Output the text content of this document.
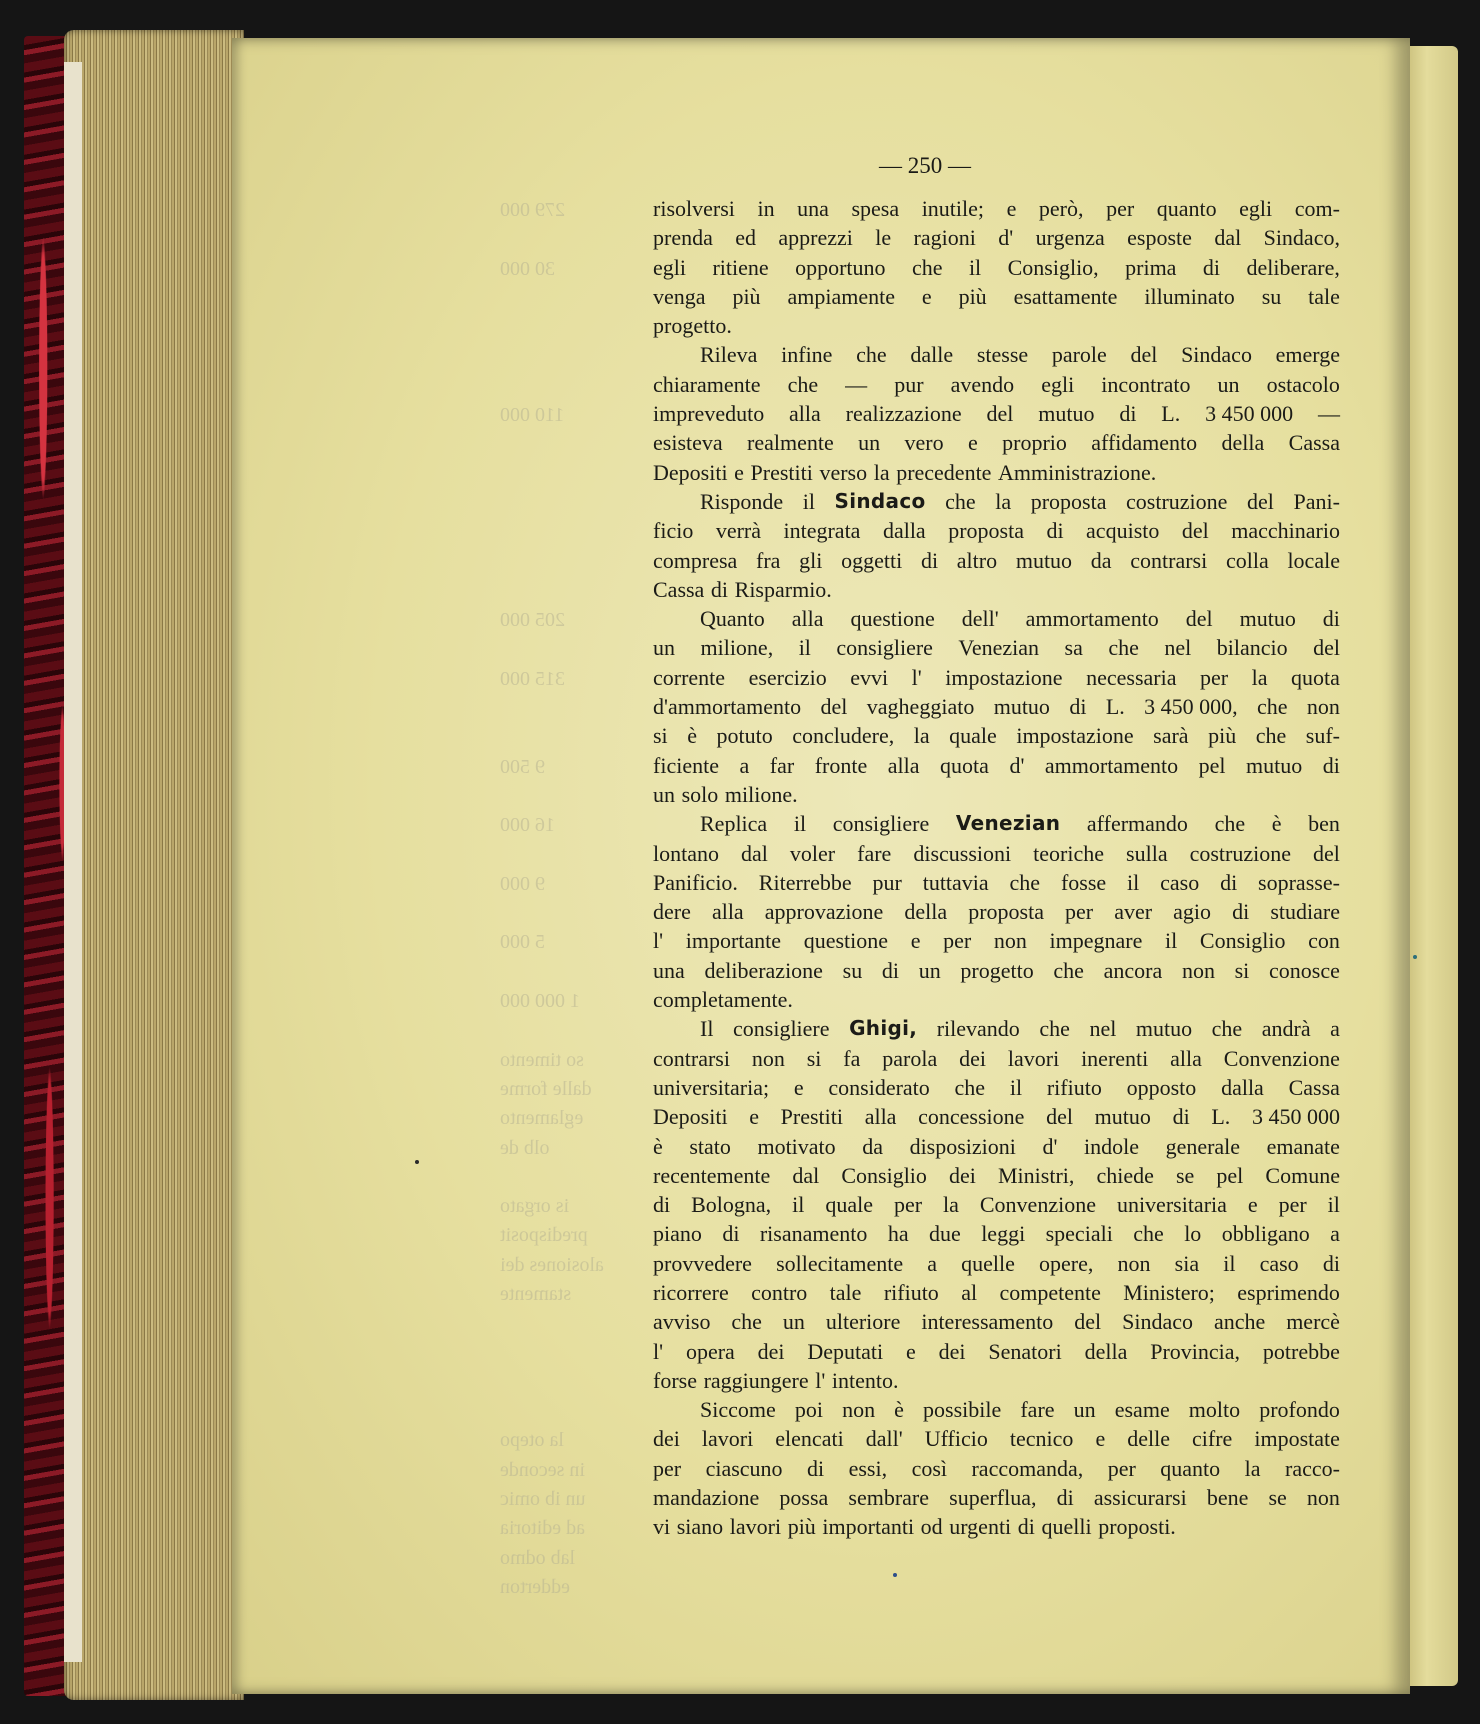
279 000
30 000
110 000
205 000
315 000
9 500
16 000
9 000
5 000
1 000 000
so timento
dalle forme
eglamento
olb de
is orgato
predisposit
alosiones dei
stamente
la otepo
in seconde
un ib omic
ad editoria
lab odmo
edderton
— 250 —
risolversi in una spesa inutile; e però, per quanto egli com-
prenda ed apprezzi le ragioni d' urgenza esposte dal Sindaco,
egli ritiene opportuno che il Consiglio, prima di deliberare,
venga più ampiamente e più esattamente illuminato su tale
progetto.
Rileva infine che dalle stesse parole del Sindaco emerge
chiaramente che — pur avendo egli incontrato un ostacolo
impreveduto alla realizzazione del mutuo di L. 3 450 000 —
esisteva realmente un vero e proprio affidamento della Cassa
Depositi e Prestiti verso la precedente Amministrazione.
Risponde il Sindaco che la proposta costruzione del Pani-
ficio verrà integrata dalla proposta di acquisto del macchinario
compresa fra gli oggetti di altro mutuo da contrarsi colla locale
Cassa di Risparmio.
Quanto alla questione dell' ammortamento del mutuo di
un milione, il consigliere Venezian sa che nel bilancio del
corrente esercizio evvi l' impostazione necessaria per la quota
d'ammortamento del vagheggiato mutuo di L. 3 450 000, che non
si è potuto concludere, la quale impostazione sarà più che suf-
ficiente a far fronte alla quota d' ammortamento pel mutuo di
un solo milione.
Replica il consigliere Venezian affermando che è ben
lontano dal voler fare discussioni teoriche sulla costruzione del
Panificio. Riterrebbe pur tuttavia che fosse il caso di soprasse-
dere alla approvazione della proposta per aver agio di studiare
l' importante questione e per non impegnare il Consiglio con
una deliberazione su di un progetto che ancora non si conosce
completamente.
Il consigliere Ghigi, rilevando che nel mutuo che andrà a
contrarsi non si fa parola dei lavori inerenti alla Convenzione
universitaria; e considerato che il rifiuto opposto dalla Cassa
Depositi e Prestiti alla concessione del mutuo di L. 3 450 000
è stato motivato da disposizioni d' indole generale emanate
recentemente dal Consiglio dei Ministri, chiede se pel Comune
di Bologna, il quale per la Convenzione universitaria e per il
piano di risanamento ha due leggi speciali che lo obbligano a
provvedere sollecitamente a quelle opere, non sia il caso di
ricorrere contro tale rifiuto al competente Ministero; esprimendo
avviso che un ulteriore interessamento del Sindaco anche mercè
l' opera dei Deputati e dei Senatori della Provincia, potrebbe
forse raggiungere l' intento.
Siccome poi non è possibile fare un esame molto profondo
dei lavori elencati dall' Ufficio tecnico e delle cifre impostate
per ciascuno di essi, così raccomanda, per quanto la racco-
mandazione possa sembrare superflua, di assicurarsi bene se non
vi siano lavori più importanti od urgenti di quelli proposti.
